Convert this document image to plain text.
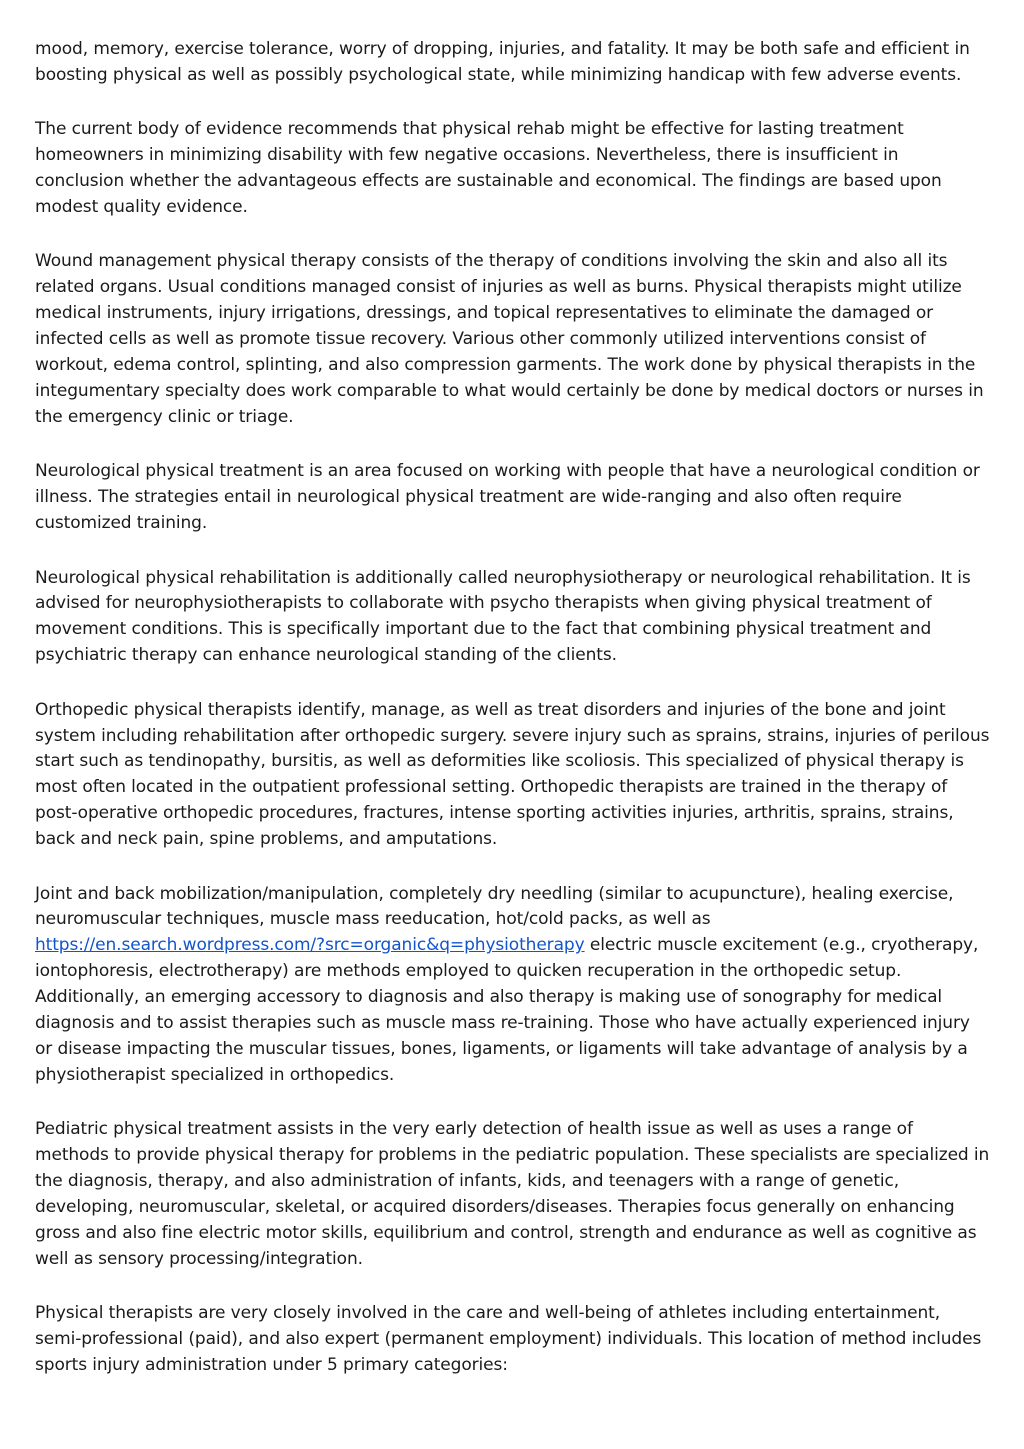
mood, memory, exercise tolerance, worry of dropping, injuries, and fatality. It may be both safe and efficient in boosting physical as well as possibly psychological state, while minimizing handicap with few adverse events.

The current body of evidence recommends that physical rehab might be effective for lasting treatment homeowners in minimizing disability with few negative occasions. Nevertheless, there is insufficient in conclusion whether the advantageous effects are sustainable and economical. The findings are based upon modest quality evidence.

Wound management physical therapy consists of the therapy of conditions involving the skin and also all its related organs. Usual conditions managed consist of injuries as well as burns. Physical therapists might utilize medical instruments, injury irrigations, dressings, and topical representatives to eliminate the damaged or infected cells as well as promote tissue recovery. Various other commonly utilized interventions consist of workout, edema control, splinting, and also compression garments. The work done by physical therapists in the integumentary specialty does work comparable to what would certainly be done by medical doctors or nurses in the emergency clinic or triage.

Neurological physical treatment is an area focused on working with people that have a neurological condition or illness. The strategies entail in neurological physical treatment are wide-ranging and also often require customized training.

Neurological physical rehabilitation is additionally called neurophysiotherapy or neurological rehabilitation. It is advised for neurophysiotherapists to collaborate with psycho therapists when giving physical treatment of movement conditions. This is specifically important due to the fact that combining physical treatment and psychiatric therapy can enhance neurological standing of the clients.

Orthopedic physical therapists identify, manage, as well as treat disorders and injuries of the bone and joint system including rehabilitation after orthopedic surgery. severe injury such as sprains, strains, injuries of perilous start such as tendinopathy, bursitis, as well as deformities like scoliosis. This specialized of physical therapy is most often located in the outpatient professional setting. Orthopedic therapists are trained in the therapy of post-operative orthopedic procedures, fractures, intense sporting activities injuries, arthritis, sprains, strains, back and neck pain, spine problems, and amputations.

Joint and back mobilization/manipulation, completely dry needling (similar to acupuncture), healing exercise, neuromuscular techniques, muscle mass reeducation, hot/cold packs, as well as https://en.search.wordpress.com/?src=organic&q=physiotherapy electric muscle excitement (e.g., cryotherapy, iontophoresis, electrotherapy) are methods employed to quicken recuperation in the orthopedic setup. Additionally, an emerging accessory to diagnosis and also therapy is making use of sonography for medical diagnosis and to assist therapies such as muscle mass re-training. Those who have actually experienced injury or disease impacting the muscular tissues, bones, ligaments, or ligaments will take advantage of analysis by a physiotherapist specialized in orthopedics.

Pediatric physical treatment assists in the very early detection of health issue as well as uses a range of methods to provide physical therapy for problems in the pediatric population. These specialists are specialized in the diagnosis, therapy, and also administration of infants, kids, and teenagers with a range of genetic, developing, neuromuscular, skeletal, or acquired disorders/diseases. Therapies focus generally on enhancing gross and also fine electric motor skills, equilibrium and control, strength and endurance as well as cognitive as well as sensory processing/integration.

Physical therapists are very closely involved in the care and well-being of athletes including entertainment, semi-professional (paid), and also expert (permanent employment) individuals. This location of method includes sports injury administration under 5 primary categories:
